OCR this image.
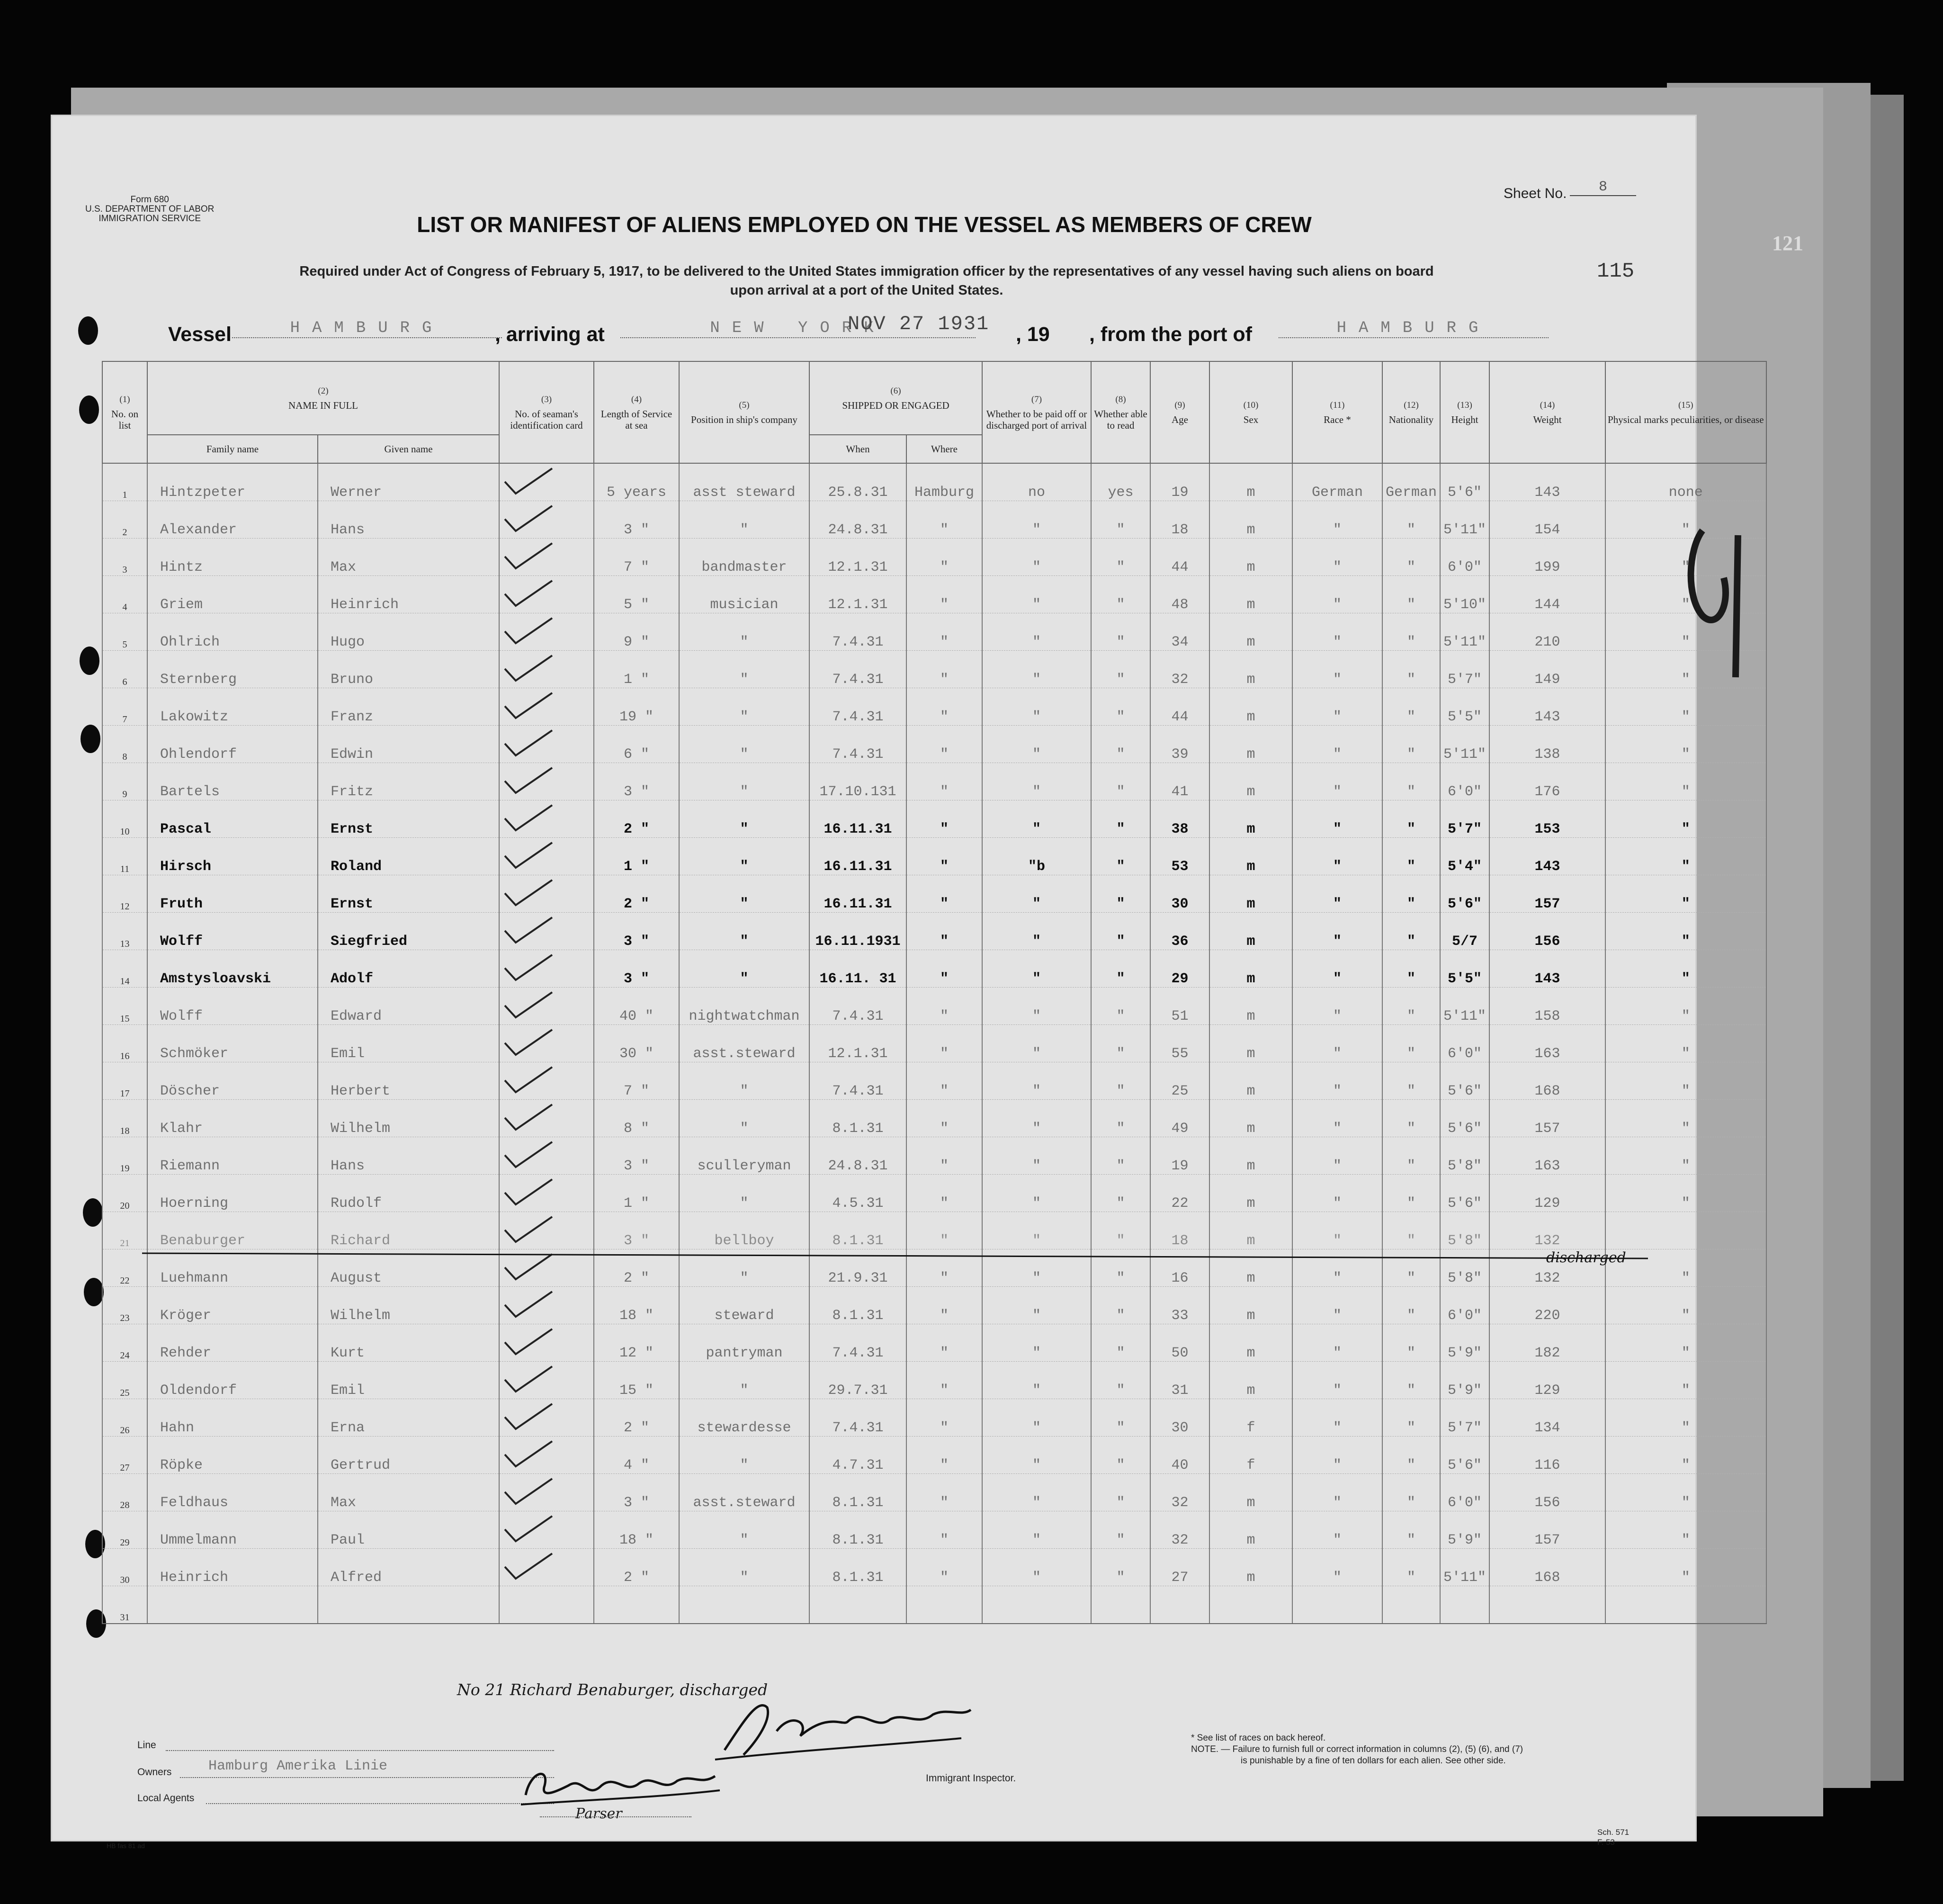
Form 680
U.S. DEPARTMENT OF LABOR
IMMIGRATION SERVICE
Sheet No.	8
121
LIST OR MANIFEST OF ALIENS EMPLOYED ON THE VESSEL AS MEMBERS OF CREW
Required under Act of Congress of February 5, 1917, to be delivered to the United States immigration officer by the representatives of any vessel having such aliens on board
upon arrival at a port of the United States.
115
Vessel	HAMBURG	, arriving at	NEW YORK
NOV 27 1931 , 19 , from the port of	HAMBURG
(1)
No. on list	(2)
NAME IN FULL		(3)
No. of seaman's identification card	(4)
Length of Service at sea	(5)
Position in ship's company	(6)
SHIPPED OR ENGAGED		(7)
Whether to be paid off or discharged port of arrival	(8)
Whether able to read	(9)
Age	(10)
Sex	(11)
Race *	(12)
Nationality	(13)
Height	(14)
Weight	(15)
Physical marks peculiarities, or disease
	Family name	Given name				When	Where									
1	Hintzpeter	Werner		5 years	asst steward	25.8.31	Hamburg	no	yes	19	m	German	German	5'6"	143	none
2	Alexander	Hans		3 "	"	24.8.31	"	"	"	18	m	"	"	5'11"	154	"
3	Hintz	Max		7 "	bandmaster	12.1.31	"	"	"	44	m	"	"	6'0"	199	"
4	Griem	Heinrich		5 "	musician	12.1.31	"	"	"	48	m	"	"	5'10"	144	"
5	Ohlrich	Hugo		9 "	"	7.4.31	"	"	"	34	m	"	"	5'11"	210	"
6	Sternberg	Bruno		1 "	"	7.4.31	"	"	"	32	m	"	"	5'7"	149	"
7	Lakowitz	Franz		19 "	"	7.4.31	"	"	"	44	m	"	"	5'5"	143	"
8	Ohlendorf	Edwin		6 "	"	7.4.31	"	"	"	39	m	"	"	5'11"	138	"
9	Bartels	Fritz		3 "	"	17.10.131	"	"	"	41	m	"	"	6'0"	176	"
10	Pascal	Ernst		2 "	"	16.11.31	"	"	"	38	m	"	"	5'7"	153	"
11	Hirsch	Roland		1 "	"	16.11.31	"	"b	"	53	m	"	"	5'4"	143	"
12	Fruth	Ernst		2 "	"	16.11.31	"	"	"	30	m	"	"	5'6"	157	"
13	Wolff	Siegfried		3 "	"	16.11.1931	"	"	"	36	m	"	"	5/7	156	"
14	Amstysloavski	Adolf		3 "	"	16.11. 31	"	"	"	29	m	"	"	5'5"	143	"
15	Wolff	Edward		40 "	nightwatchman	7.4.31	"	"	"	51	m	"	"	5'11"	158	"
16	Schmöker	Emil		30 "	asst.steward	12.1.31	"	"	"	55	m	"	"	6'0"	163	"
17	Döscher	Herbert		7 "	"	7.4.31	"	"	"	25	m	"	"	5'6"	168	"
18	Klahr	Wilhelm		8 "	"	8.1.31	"	"	"	49	m	"	"	5'6"	157	"
19	Riemann	Hans		3 "	sculleryman	24.8.31	"	"	"	19	m	"	"	5'8"	163	"
20	Hoerning	Rudolf		1 "	"	4.5.31	"	"	"	22	m	"	"	5'6"	129	"
21	Benaburger	Richard		3 "	bellboy	8.1.31	"	"	"	18	m	"	"	5'8"	132	
22	Luehmann	August		2 "	"	21.9.31	"	"	"	16	m	"	"	5'8"	132	"
23	Kröger	Wilhelm		18 "	steward	8.1.31	"	"	"	33	m	"	"	6'0"	220	"
24	Rehder	Kurt		12 "	pantryman	7.4.31	"	"	"	50	m	"	"	5'9"	182	"
25	Oldendorf	Emil		15 "	"	29.7.31	"	"	"	31	m	"	"	5'9"	129	"
26	Hahn	Erna		2 "	stewardesse	7.4.31	"	"	"	30	f	"	"	5'7"	134	"
27	Röpke	Gertrud		4 "	"	4.7.31	"	"	"	40	f	"	"	5'6"	116	"
28	Feldhaus	Max		3 "	asst.steward	8.1.31	"	"	"	32	m	"	"	6'0"	156	"
29	Ummelmann	Paul		18 "	"	8.1.31	"	"	"	32	m	"	"	5'9"	157	"
30	Heinrich	Alfred		2 "	"	8.1.31	"	"	"	27	m	"	"	5'11"	168	"
31																
discharged
No 21 Richard Benaburger, discharged
Line
Owners	Hamburg Amerika Linie
Local Agents
Parser
Immigrant Inspector.
* See list of races on back hereof.
NOTE. — Failure to furnish full or correct information in columns (2), (5) (6), and (7)
is punishable by a fine of ten dollars for each alien. See other side.
Sch. 571
F. 53
HB fas 81 ad
